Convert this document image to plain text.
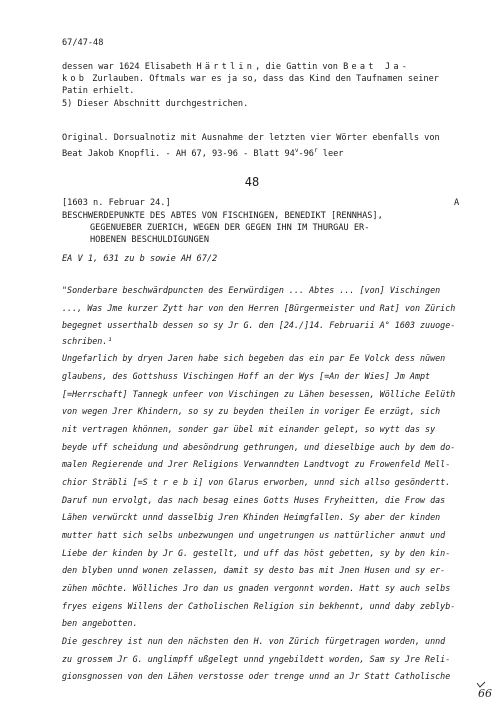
67/47-48
dessen war 1624 Elisabeth Härtlin, die Gattin von Beat Ja-
kob Zurlauben. Oftmals war es ja so, dass das Kind den Taufnamen seiner
Patin erhielt.
5) Dieser Abschnitt durchgestrichen.
Original. Dorsualnotiz mit Ausnahme der letzten vier Wörter ebenfalls von
Beat Jakob Knopfli. - AH 67, 93-96 - Blatt 94$^v$-96$^r$ leer
48
[1603 n. Februar 24.]	A
BESCHWERDEPUNKTE DES ABTES VON FISCHINGEN, BENEDIKT [RENNHAS],
GEGENUEBER ZUERICH, WEGEN DER GEGEN IHN IM THURGAU ER-
HOBENEN BESCHULDIGUNGEN
EA V 1, 631 zu b sowie AH 67/2
"Sonderbare beschwärdpuncten des Eerwürdigen ... Abtes ... [von] Vischingen
..., Was Jme kurzer Zytt har von den Herren [Bürgermeister und Rat] von Zürich
begegnet usserthalb dessen so sy Jr G. den [24./]14. Februarii A° 1603 zuuoge-
schriben.¹
Ungefarlich by dryen Jaren habe sich begeben das ein par Ee Volck dess nüwen
glaubens, des Gottshuss Vischingen Hoff an der Wys [=An der Wies] Jm Ampt
[=Herrschaft] Tannegk unfeer von Vischingen zu Lähen besessen, Wölliche Eelüth
von wegen Jrer Khindern, so sy zu beyden theilen in voriger Ee erzügt, sich
nit vertragen khönnen, sonder gar übel mit einander gelept, so wytt das sy
beyde uff scheidung und abesöndrung gethrungen, und dieselbige auch by dem do-
malen Regierende und Jrer Religions Verwanndten Landtvogt zu Frowenfeld Mell-
chior Sträbli [=S t r e b i] von Glarus erworben, unnd sich allso gesöndertt.
Daruf nun ervolgt, das nach besag eines Gotts Huses Fryheitten, die Frow das
Lähen verwürckt unnd dasselbig Jren Khinden Heimgfallen. Sy aber der kinden
mutter hatt sich selbs unbezwungen und ungetrungen us nattürlicher anmut und
Liebe der kinden by Jr G. gestellt, und uff das höst gebetten, sy by den kin-
den blyben unnd wonen zelassen, damit sy desto bas mit Jnen Husen und sy er-
zühen möchte. Wölliches Jro dan us gnaden vergonnt worden. Hatt sy auch selbs
fryes eigens Willens der Catholischen Religion sin bekhennt, unnd daby zeblyb-
ben angebotten.
Die geschrey ist nun den nächsten den H. von Zürich fürgetragen worden, unnd
zu grossem Jr G. unglimpff ußgelegt unnd yngebildett worden, Sam sy Jre Reli-
gionsgnossen von den Lähen verstosse oder trenge unnd an Jr Statt Catholische
66
